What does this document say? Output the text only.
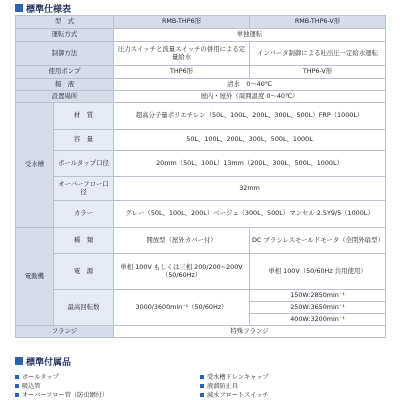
標準仕様表
型　式		RMB-THP6形	RMB-THP6-V形
運転方式		単独運転	
制御方法		圧力スイッチと流量スイッチの併用による定量給水	インバータ制御による吐出圧一定給水運転
使用ポンプ		THP6形	THP6-V形
揚　液		清水　0～40℃	
設置場所		屋内・屋外（周囲温度 0～40℃）	
受水槽	材　質	超高分子量ポリエチレン（50L、100L、200L、300L、500L）FRP（1000L）	
	容　量	50L、100L、200L、300L、500L、1000L	
	ボールタップ口径	20mm（50L、100L）13mm（200L、300L、500L、1000L）	
	オーバーフロー口径	32mm	
	カラー	グレー（50L、100L、200L）ベージュ（300L、500L）マンセル 2.5Y9/5（1000L）	
電動機	種　類	開放型（屋外カバー付）	DC ブラシレスモールドモータ（全閉外扇型）
	電　源	単相 100V もしくは三相 200/200~200V（50/60Hz）	単相 100V（50/60Hz 共用使用）
	最高回転数	3000/3600min⁻¹（50/60Hz）	150W:2850min⁻¹
			250W:3650min⁻¹
			400W:3200min⁻¹
フランジ		特殊フランジ	
標準付属品
ボールタップ	受水槽ドレンキャップ
吸込管	液溜防止具
オーバーフロー管（防虫網付）	減水フロートスイッチ
